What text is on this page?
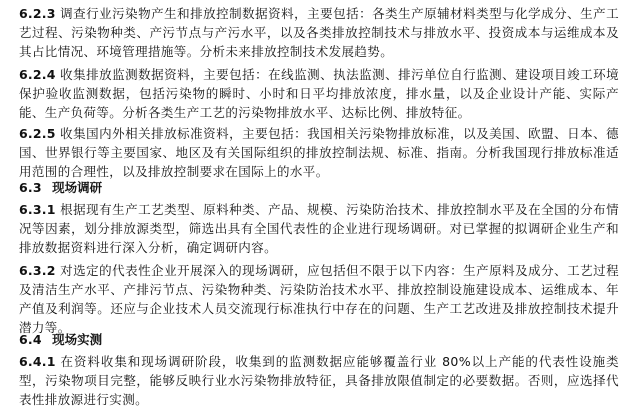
6.2.3 调查行业污染物产生和排放控制数据资料，主要包括：各类生产原辅材料类型与化学成分、生产工艺过程、污染物种类、产污节点与产污水平，以及各类排放控制技术与排放水平、投资成本与运维成本及其占比情况、环境管理措施等。分析未来排放控制技术发展趋势。

6.2.4 收集排放监测数据资料，主要包括：在线监测、执法监测、排污单位自行监测、建设项目竣工环境保护验收监测数据，包括污染物的瞬时、小时和日平均排放浓度，排水量，以及企业设计产能、实际产能、生产负荷等。分析各类生产工艺的污染物排放水平、达标比例、排放特征。

6.2.5 收集国内外相关排放标准资料，主要包括：我国相关污染物排放标准，以及美国、欧盟、日本、德国、世界银行等主要国家、地区及有关国际组织的排放控制法规、标准、指南。分析我国现行排放标准适用范围的合理性，以及排放控制要求在国际上的水平。

6.3 现场调研

6.3.1 根据现有生产工艺类型、原料种类、产品、规模、污染防治技术、排放控制水平及在全国的分布情况等因素，划分排放源类型，筛选出具有全国代表性的企业进行现场调研。对已掌握的拟调研企业生产和排放数据资料进行深入分析，确定调研内容。

6.3.2 对选定的代表性企业开展深入的现场调研，应包括但不限于以下内容：生产原料及成分、工艺过程及清洁生产水平、产排污节点、污染物种类、污染防治技术水平、排放控制设施建设成本、运维成本、年产值及利润等。还应与企业技术人员交流现行标准执行中存在的问题、生产工艺改进及排放控制技术提升潜力等。

6.4 现场实测

6.4.1 在资料收集和现场调研阶段，收集到的监测数据应能够覆盖行业 80%以上产能的代表性设施类型，污染物项目完整，能够反映行业水污染物排放特征，具备排放限值制定的必要数据。否则，应选择代表性排放源进行实测。
